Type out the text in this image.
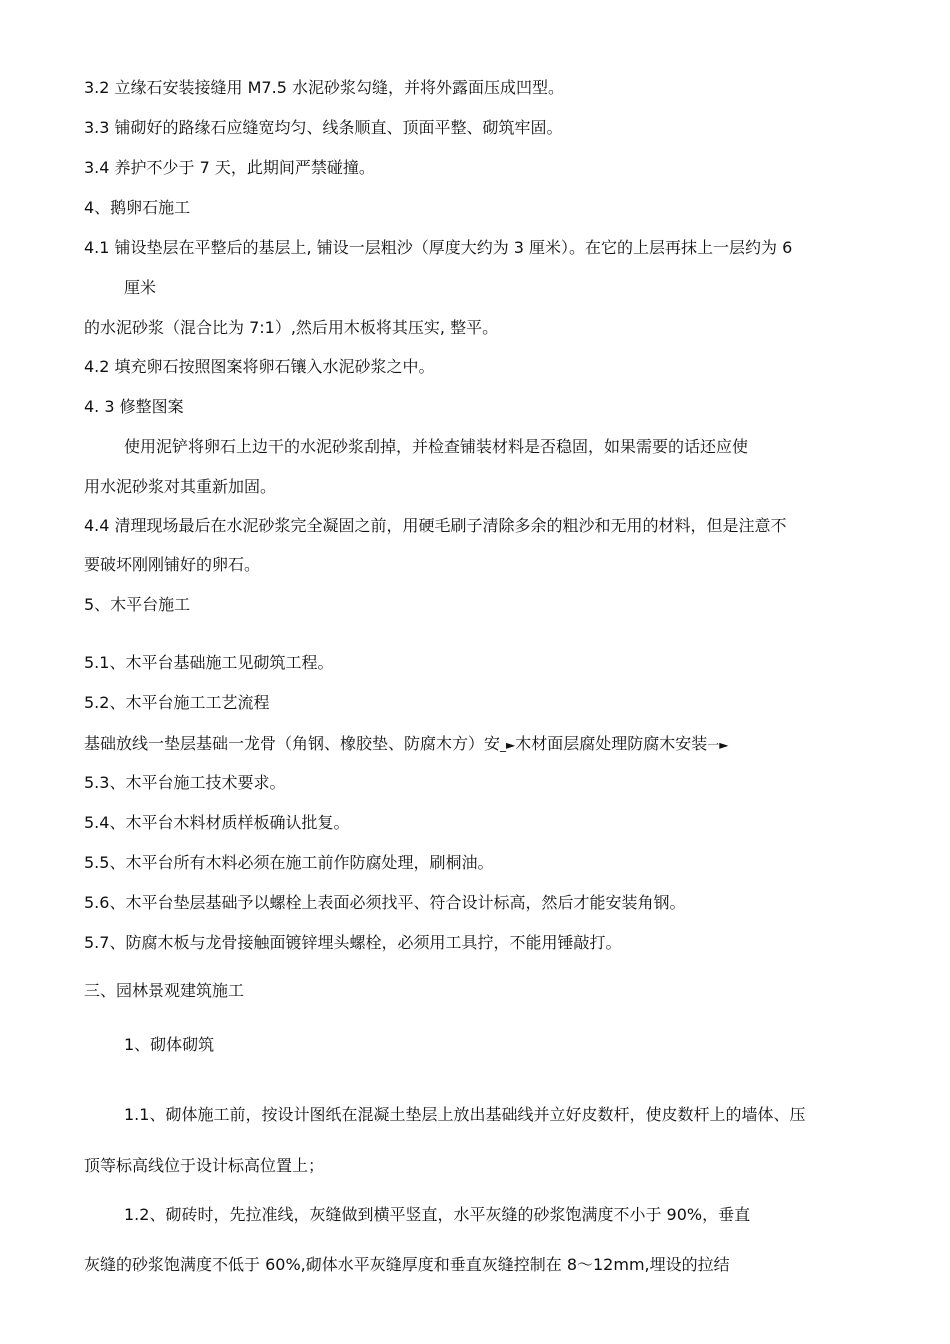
3.2 立缘石安装接缝用 M7.5 水泥砂浆勾缝，并将外露面压成凹型。

3.3 铺砌好的路缘石应缝宽均匀、线条顺直、顶面平整、砌筑牢固。

3.4 养护不少于 7 天，此期间严禁碰撞。

4、鹅卵石施工

4.1 铺设垫层在平整后的基层上, 铺设一层粗沙（厚度大约为 3 厘米）。在它的上层再抹上一层约为 6

厘米

的水泥砂浆（混合比为 7:1）,然后用木板将其压实, 整平。

4.2 填充卵石按照图案将卵石镶入水泥砂浆之中。

4. 3 修整图案

使用泥铲将卵石上边干的水泥砂浆刮掉，并检查铺装材料是否稳固，如果需要的话还应使

用水泥砂浆对其重新加固。

4.4 清理现场最后在水泥砂浆完全凝固之前，用硬毛刷子清除多余的粗沙和无用的材料，但是注意不

要破坏刚刚铺好的卵石。

5、木平台施工

5.1、木平台基础施工见砌筑工程。

5.2、木平台施工工艺流程

基础放线一垫层基础一龙骨（角钢、橡胶垫、防腐木方）安_►木材面层腐处理防腐木安装一►

5.3、木平台施工技术要求。

5.4、木平台木料材质样板确认批复。

5.5、木平台所有木料必须在施工前作防腐处理，刷桐油。

5.6、木平台垫层基础予以螺栓上表面必须找平、符合设计标高，然后才能安装角钢。

5.7、防腐木板与龙骨接触面镀锌埋头螺栓，必须用工具拧，不能用锤敲打。

三、园林景观建筑施工

1、砌体砌筑

1.1、砌体施工前，按设计图纸在混凝土垫层上放出基础线并立好皮数杆，使皮数杆上的墙体、压

顶等标高线位于设计标高位置上；

1.2、砌砖时，先拉准线，灰缝做到横平竖直，水平灰缝的砂浆饱满度不小于 90%，垂直

灰缝的砂浆饱满度不低于 60%,砌体水平灰缝厚度和垂直灰缝控制在 8～12mm,埋设的拉结
